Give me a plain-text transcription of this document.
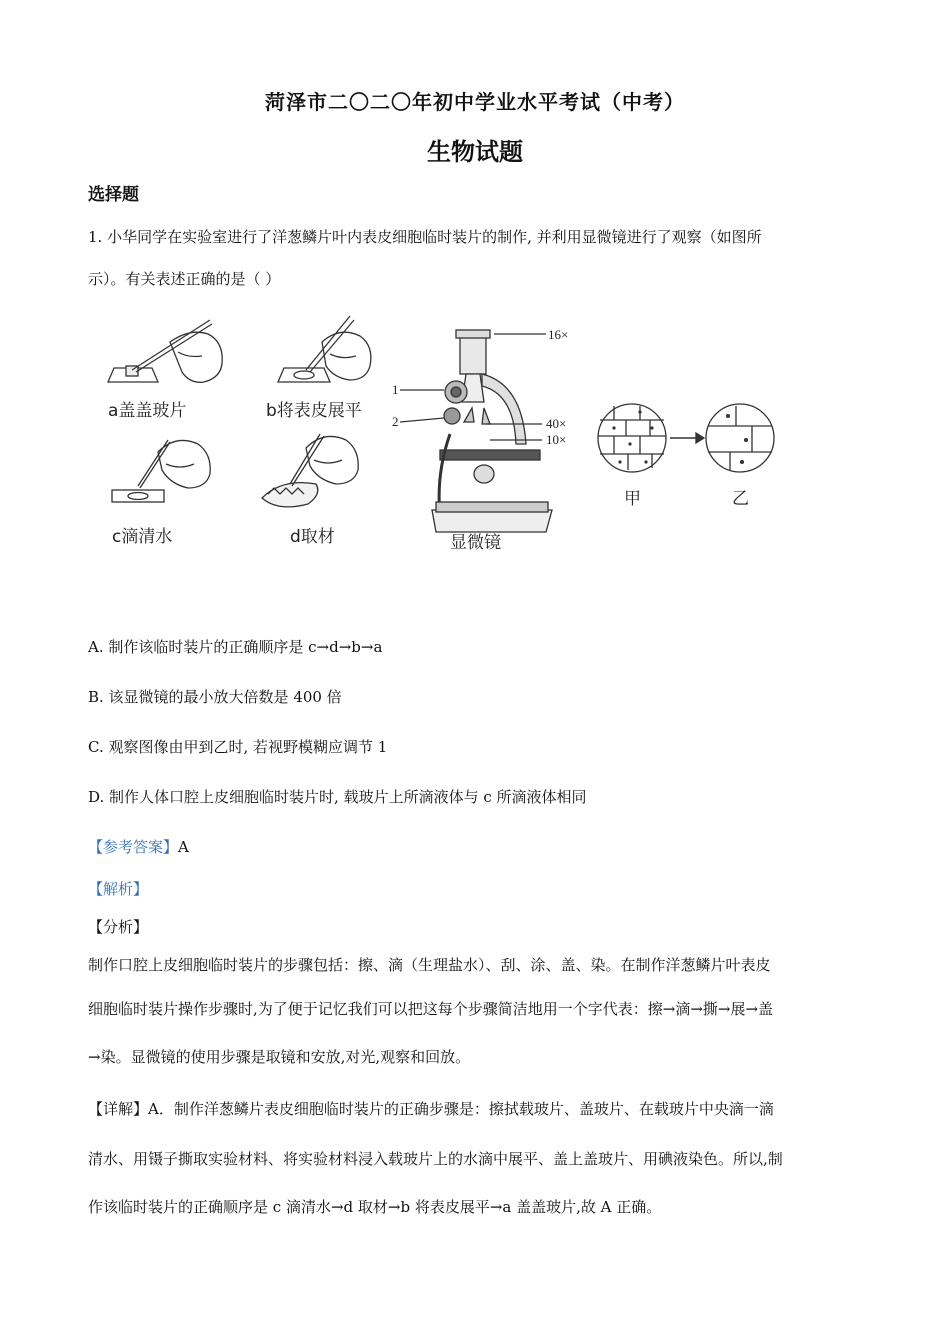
菏泽市二〇二〇年初中学业水平考试（中考）
生物试题
选择题
1. 小华同学在实验室进行了洋葱鳞片叶内表皮细胞临时装片的制作, 并利用显微镜进行了观察（如图所
示）。有关表述正确的是（ ）
a盖盖玻片	b将表皮展平
c滴清水	d取材	显微镜
16×
1
2	40×
10×
甲	乙
A. 制作该临时装片的正确顺序是 c→d→b→a
B. 该显微镜的最小放大倍数是 400 倍
C. 观察图像由甲到乙时, 若视野模糊应调节 1
D. 制作人体口腔上皮细胞临时装片时, 载玻片上所滴液体与 c 所滴液体相同
【参考答案】A
【解析】
【分析】
制作口腔上皮细胞临时装片的步骤包括：擦、滴（生理盐水）、刮、涂、盖、染。在制作洋葱鳞片叶表皮
细胞临时装片操作步骤时,为了便于记忆我们可以把这每个步骤简洁地用一个字代表：擦→滴→撕→展→盖
→染。显微镜的使用步骤是取镜和安放,对光,观察和回放。
【详解】A．制作洋葱鳞片表皮细胞临时装片的正确步骤是：擦拭载玻片、盖玻片、在载玻片中央滴一滴
清水、用镊子撕取实验材料、将实验材料浸入载玻片上的水滴中展平、盖上盖玻片、用碘液染色。所以,制
作该临时装片的正确顺序是 c 滴清水→d 取材→b 将表皮展平→a 盖盖玻片,故 A 正确。
